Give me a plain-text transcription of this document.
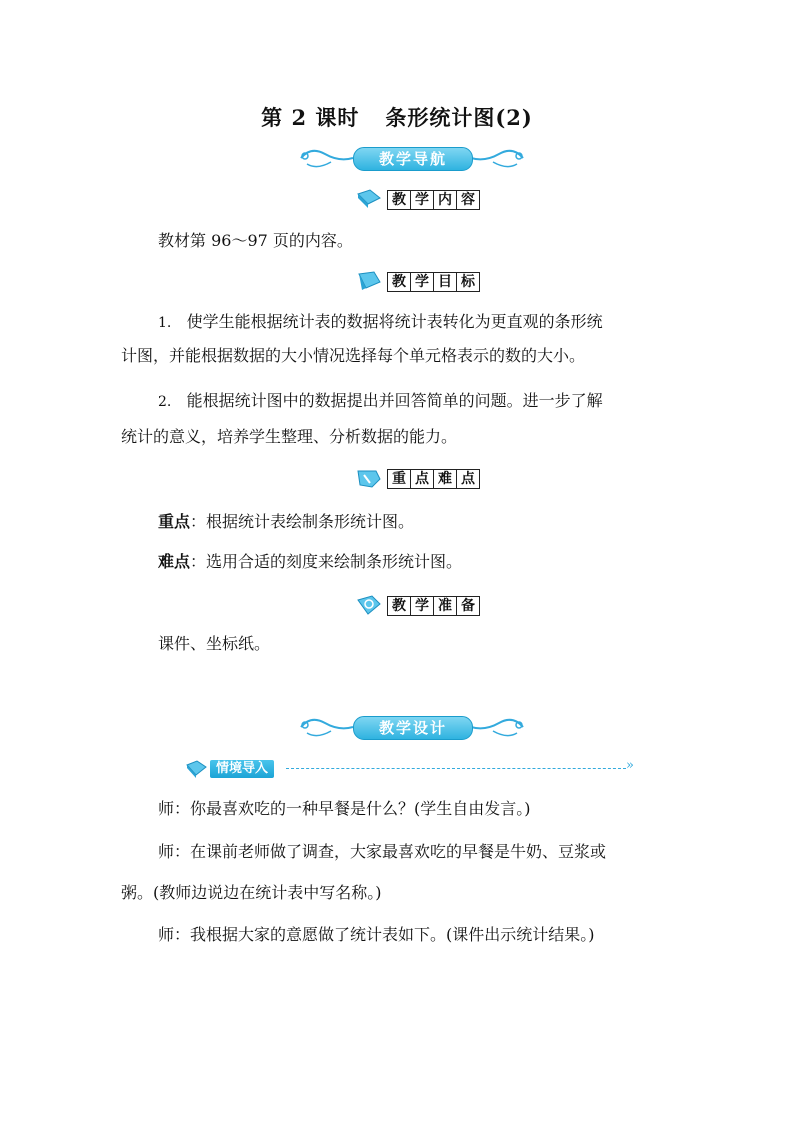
第 2 课时 条形统计图(2)
教学导航
教 学 内 容
教材第 96～97 页的内容。
教 学 目 标
1. 使学生能根据统计表的数据将统计表转化为更直观的条形统
计图，并能根据数据的大小情况选择每个单元格表示的数的大小。
2. 能根据统计图中的数据提出并回答简单的问题。进一步了解
统计的意义，培养学生整理、分析数据的能力。
重 点 难 点
重点：根据统计表绘制条形统计图。
难点：选用合适的刻度来绘制条形统计图。
教 学 准 备
课件、坐标纸。
教学设计
情境导入	»
师：你最喜欢吃的一种早餐是什么？(学生自由发言。)
师：在课前老师做了调查，大家最喜欢吃的早餐是牛奶、豆浆或
粥。(教师边说边在统计表中写名称。)
师：我根据大家的意愿做了统计表如下。(课件出示统计结果。)
